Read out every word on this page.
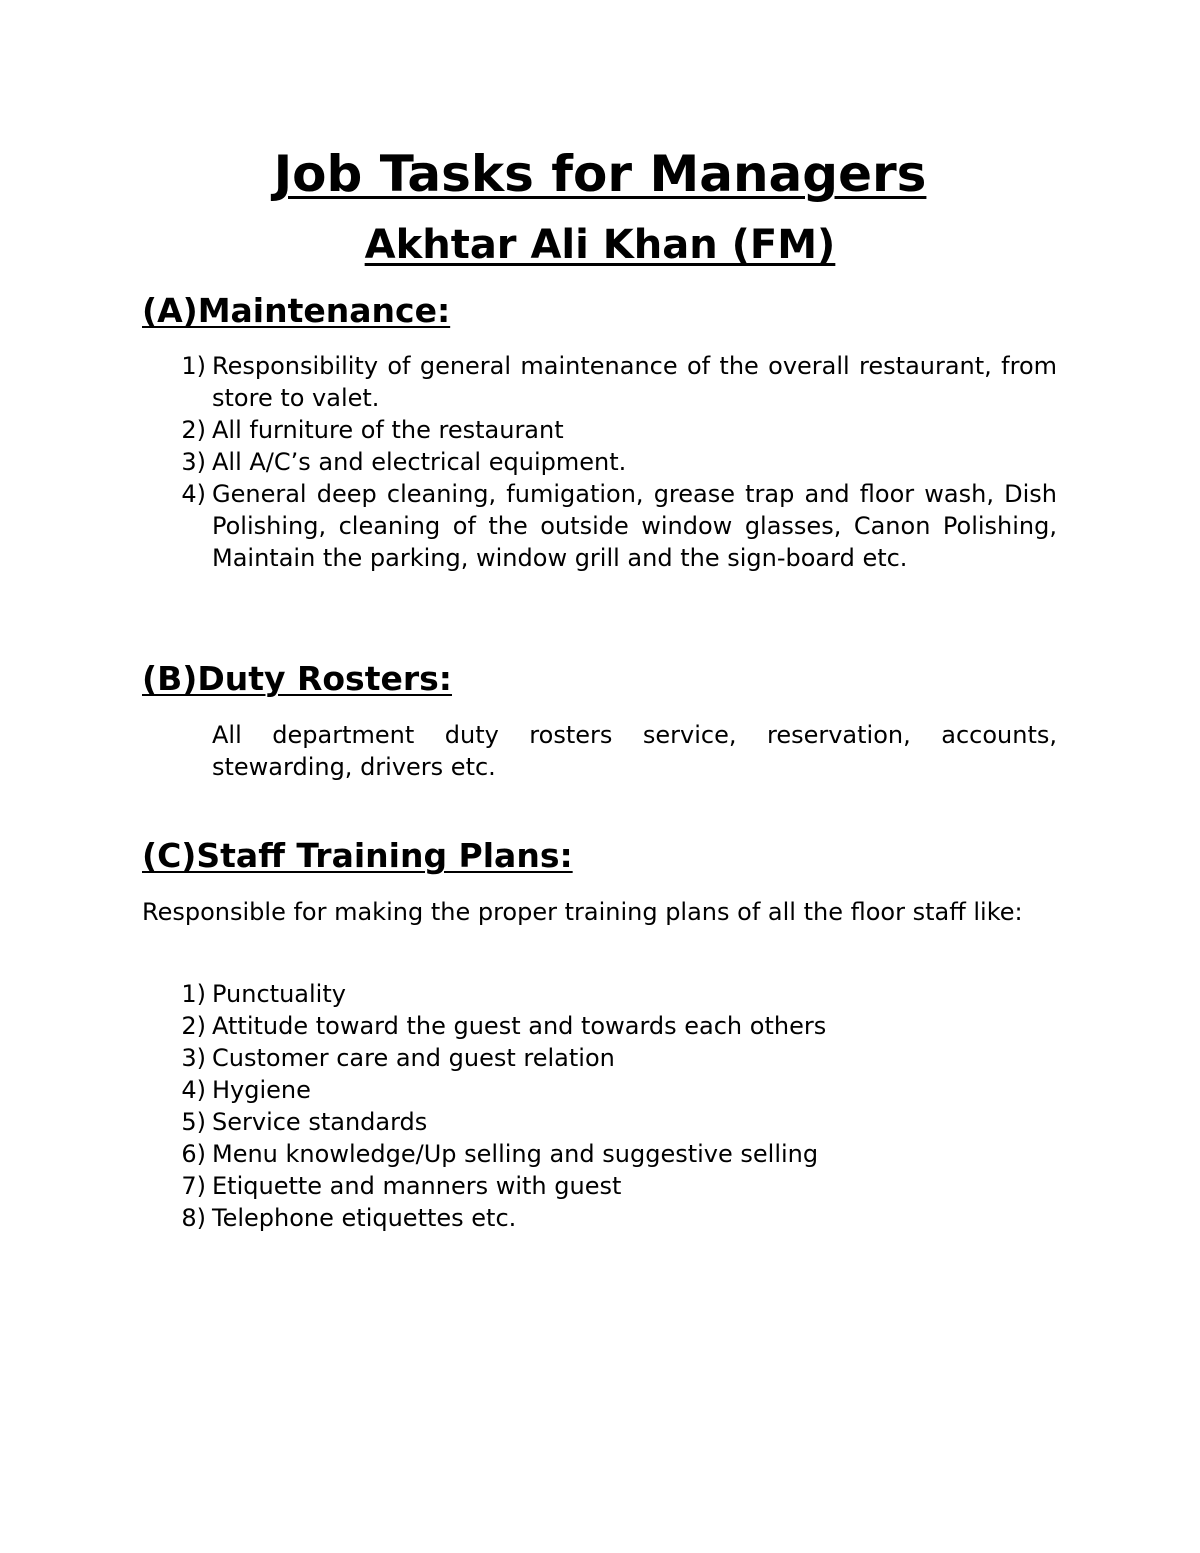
Job Tasks for Managers
Akhtar Ali Khan (FM)
(A)Maintenance:
1) Responsibility of general maintenance of the overall restaurant, from store to valet.
2) All furniture of the restaurant
3) All A/C’s and electrical equipment.
4) General deep cleaning, fumigation, grease trap and floor wash, Dish Polishing, cleaning of the outside window glasses, Canon Polishing, Maintain the parking, window grill and the sign-board etc.
(B)Duty Rosters:

All department duty rosters service, reservation, accounts, stewarding, drivers etc.

(C)Staff Training Plans:

Responsible for making the proper training plans of all the floor staff like:

1) Punctuality
2) Attitude toward the guest and towards each others
3) Customer care and guest relation
4) Hygiene
5) Service standards
6) Menu knowledge/Up selling and suggestive selling
7) Etiquette and manners with guest
8) Telephone etiquettes etc.
